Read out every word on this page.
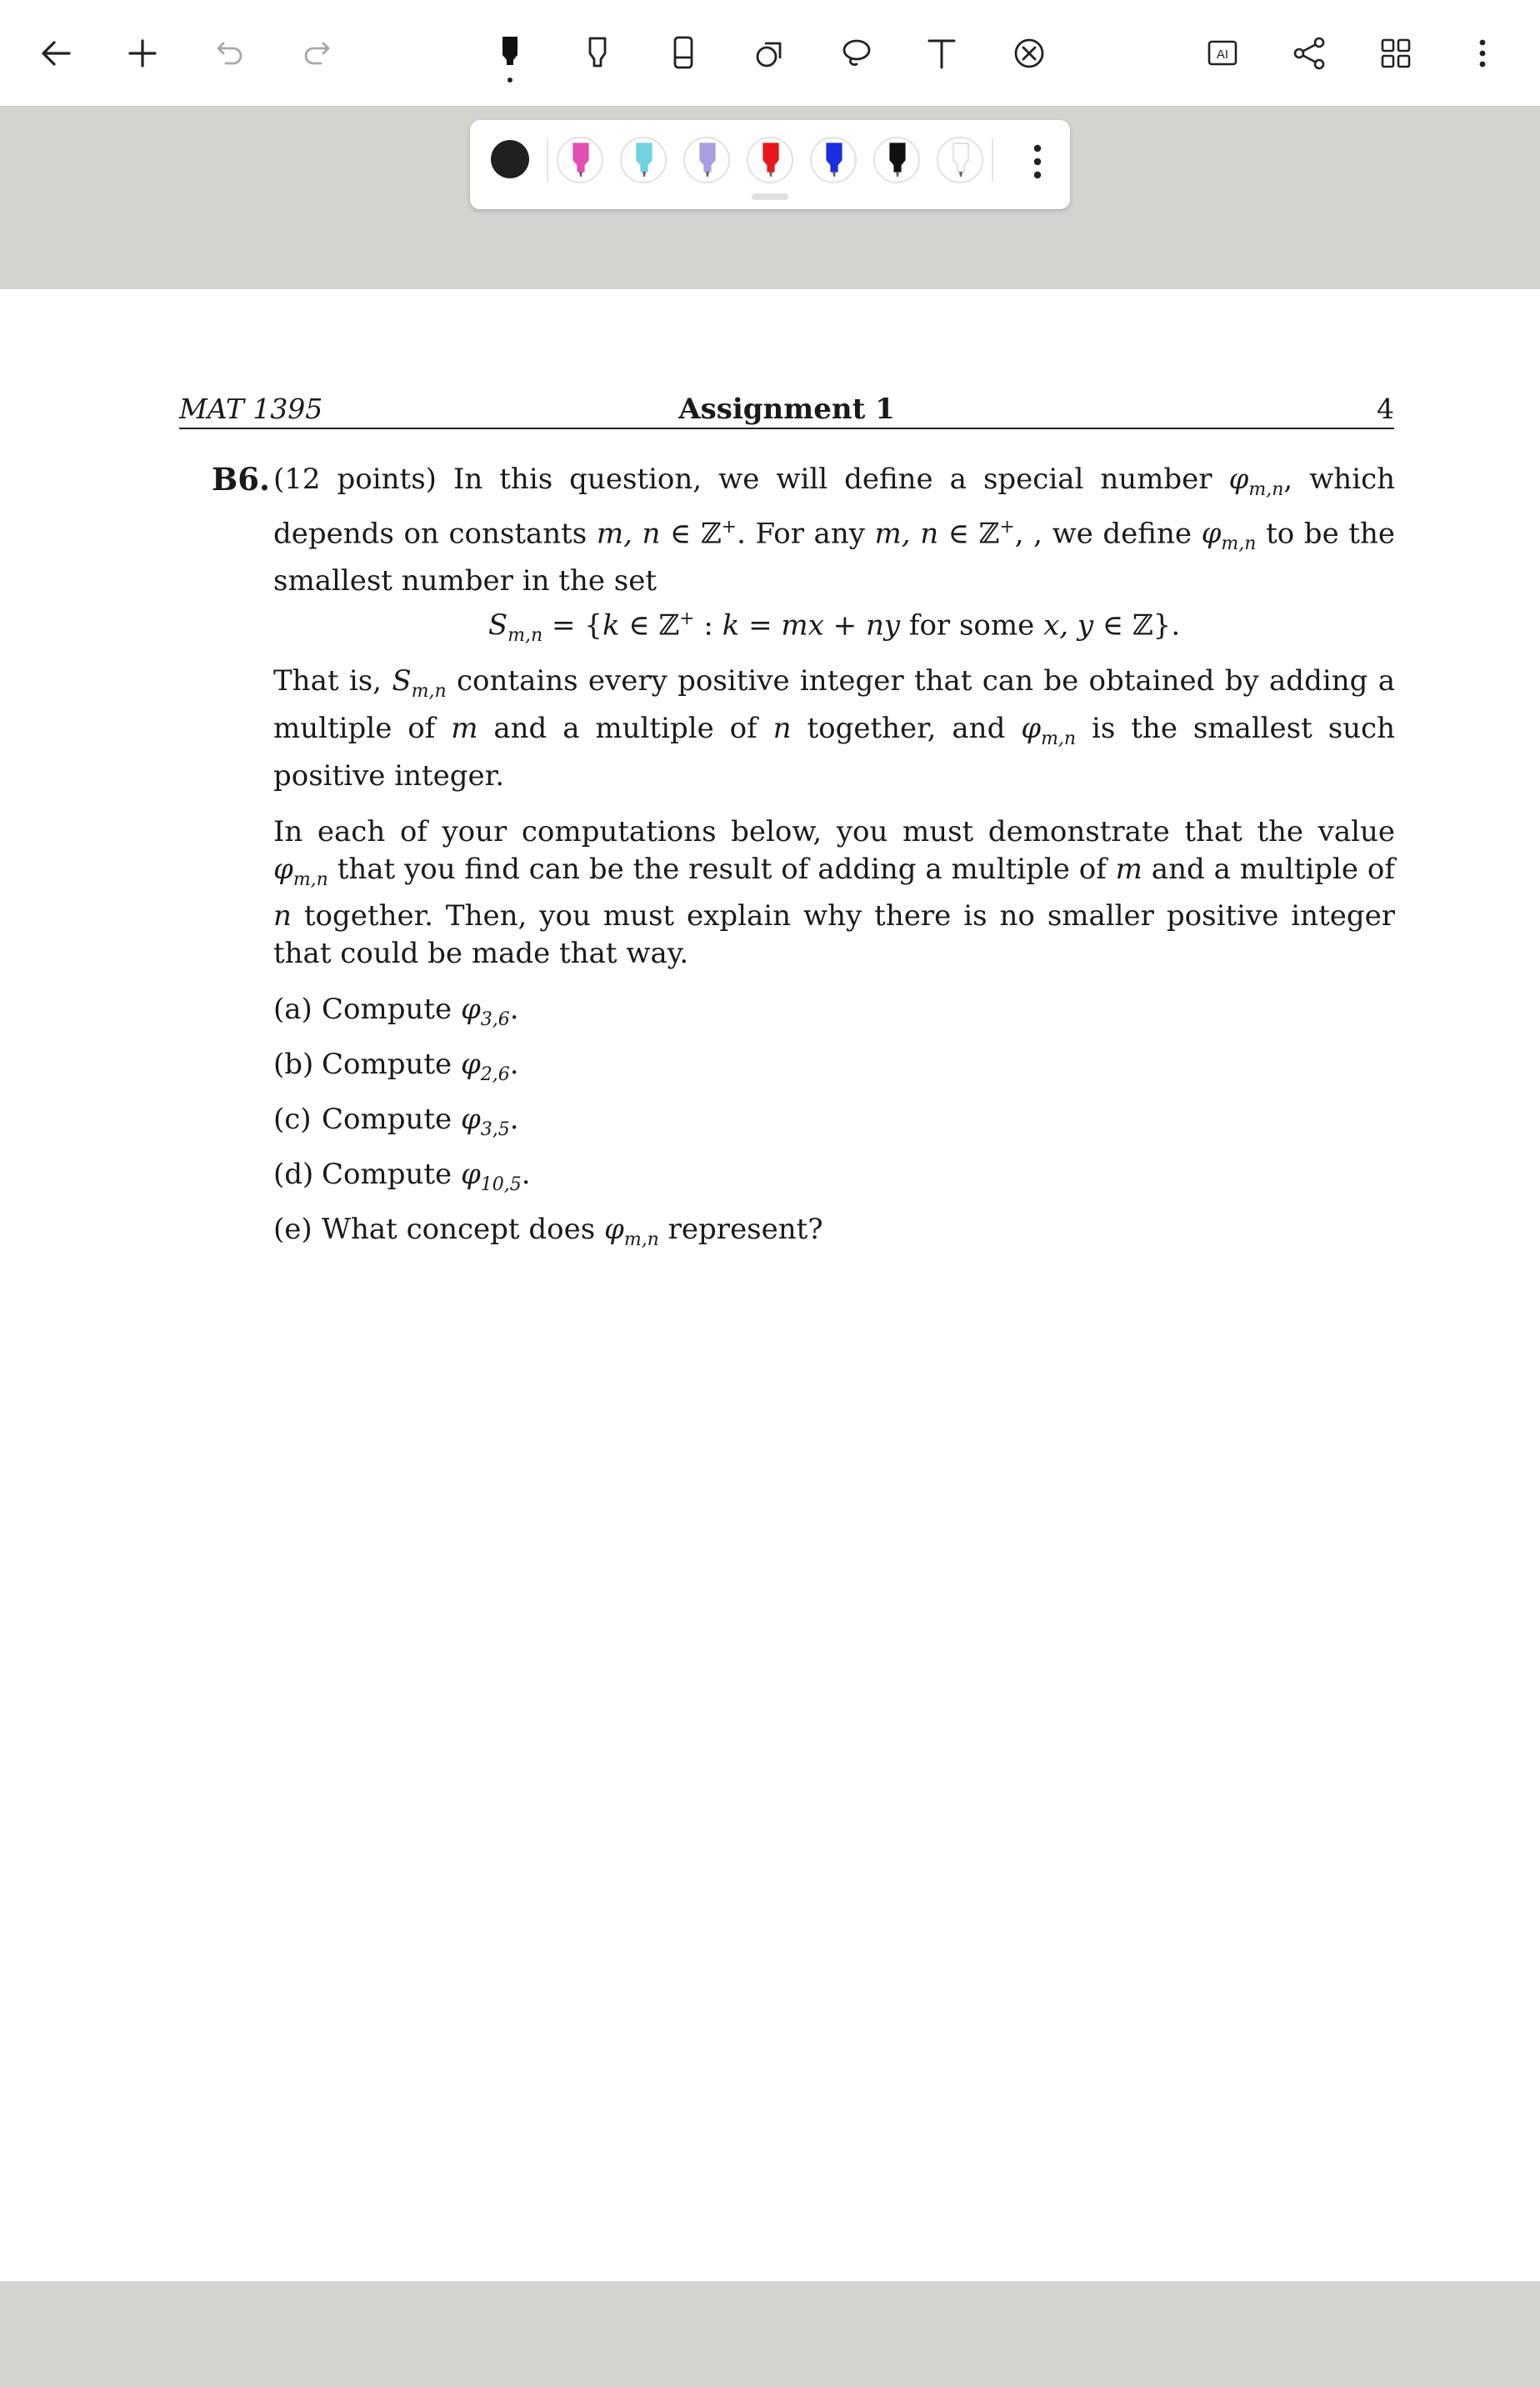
AI
MAT 1395	Assignment 1	4
B6. (12 points) In this question, we will define a special number $\varphi_{m,n}$, which depends on constants m, n ∈ ℤ+. For any m, n ∈ ℤ+, , we define $\varphi_{m,n}$ to be the smallest number in the set

$S_{m,n} = \{k$ ∈ ℤ+ : k = mx + ny for some x, y ∈ ℤ}.

That is, $S_{m,n}$ contains every positive integer that can be obtained by adding a multiple of m and a multiple of n together, and $\varphi_{m,n}$ is the smallest such positive integer.

In each of your computations below, you must demonstrate that the value $\varphi_{m,n}$ that you find can be the result of adding a multiple of m and a multiple of n together. Then, you must explain why there is no smaller positive integer that could be made that way.

(a) Compute $\varphi_{3,6}$.
(b) Compute $\varphi_{2,6}$.
(c) Compute $\varphi_{3,5}$.
(d) Compute $\varphi_{10,5}$.
(e) What concept does $\varphi_{m,n}$ represent?
